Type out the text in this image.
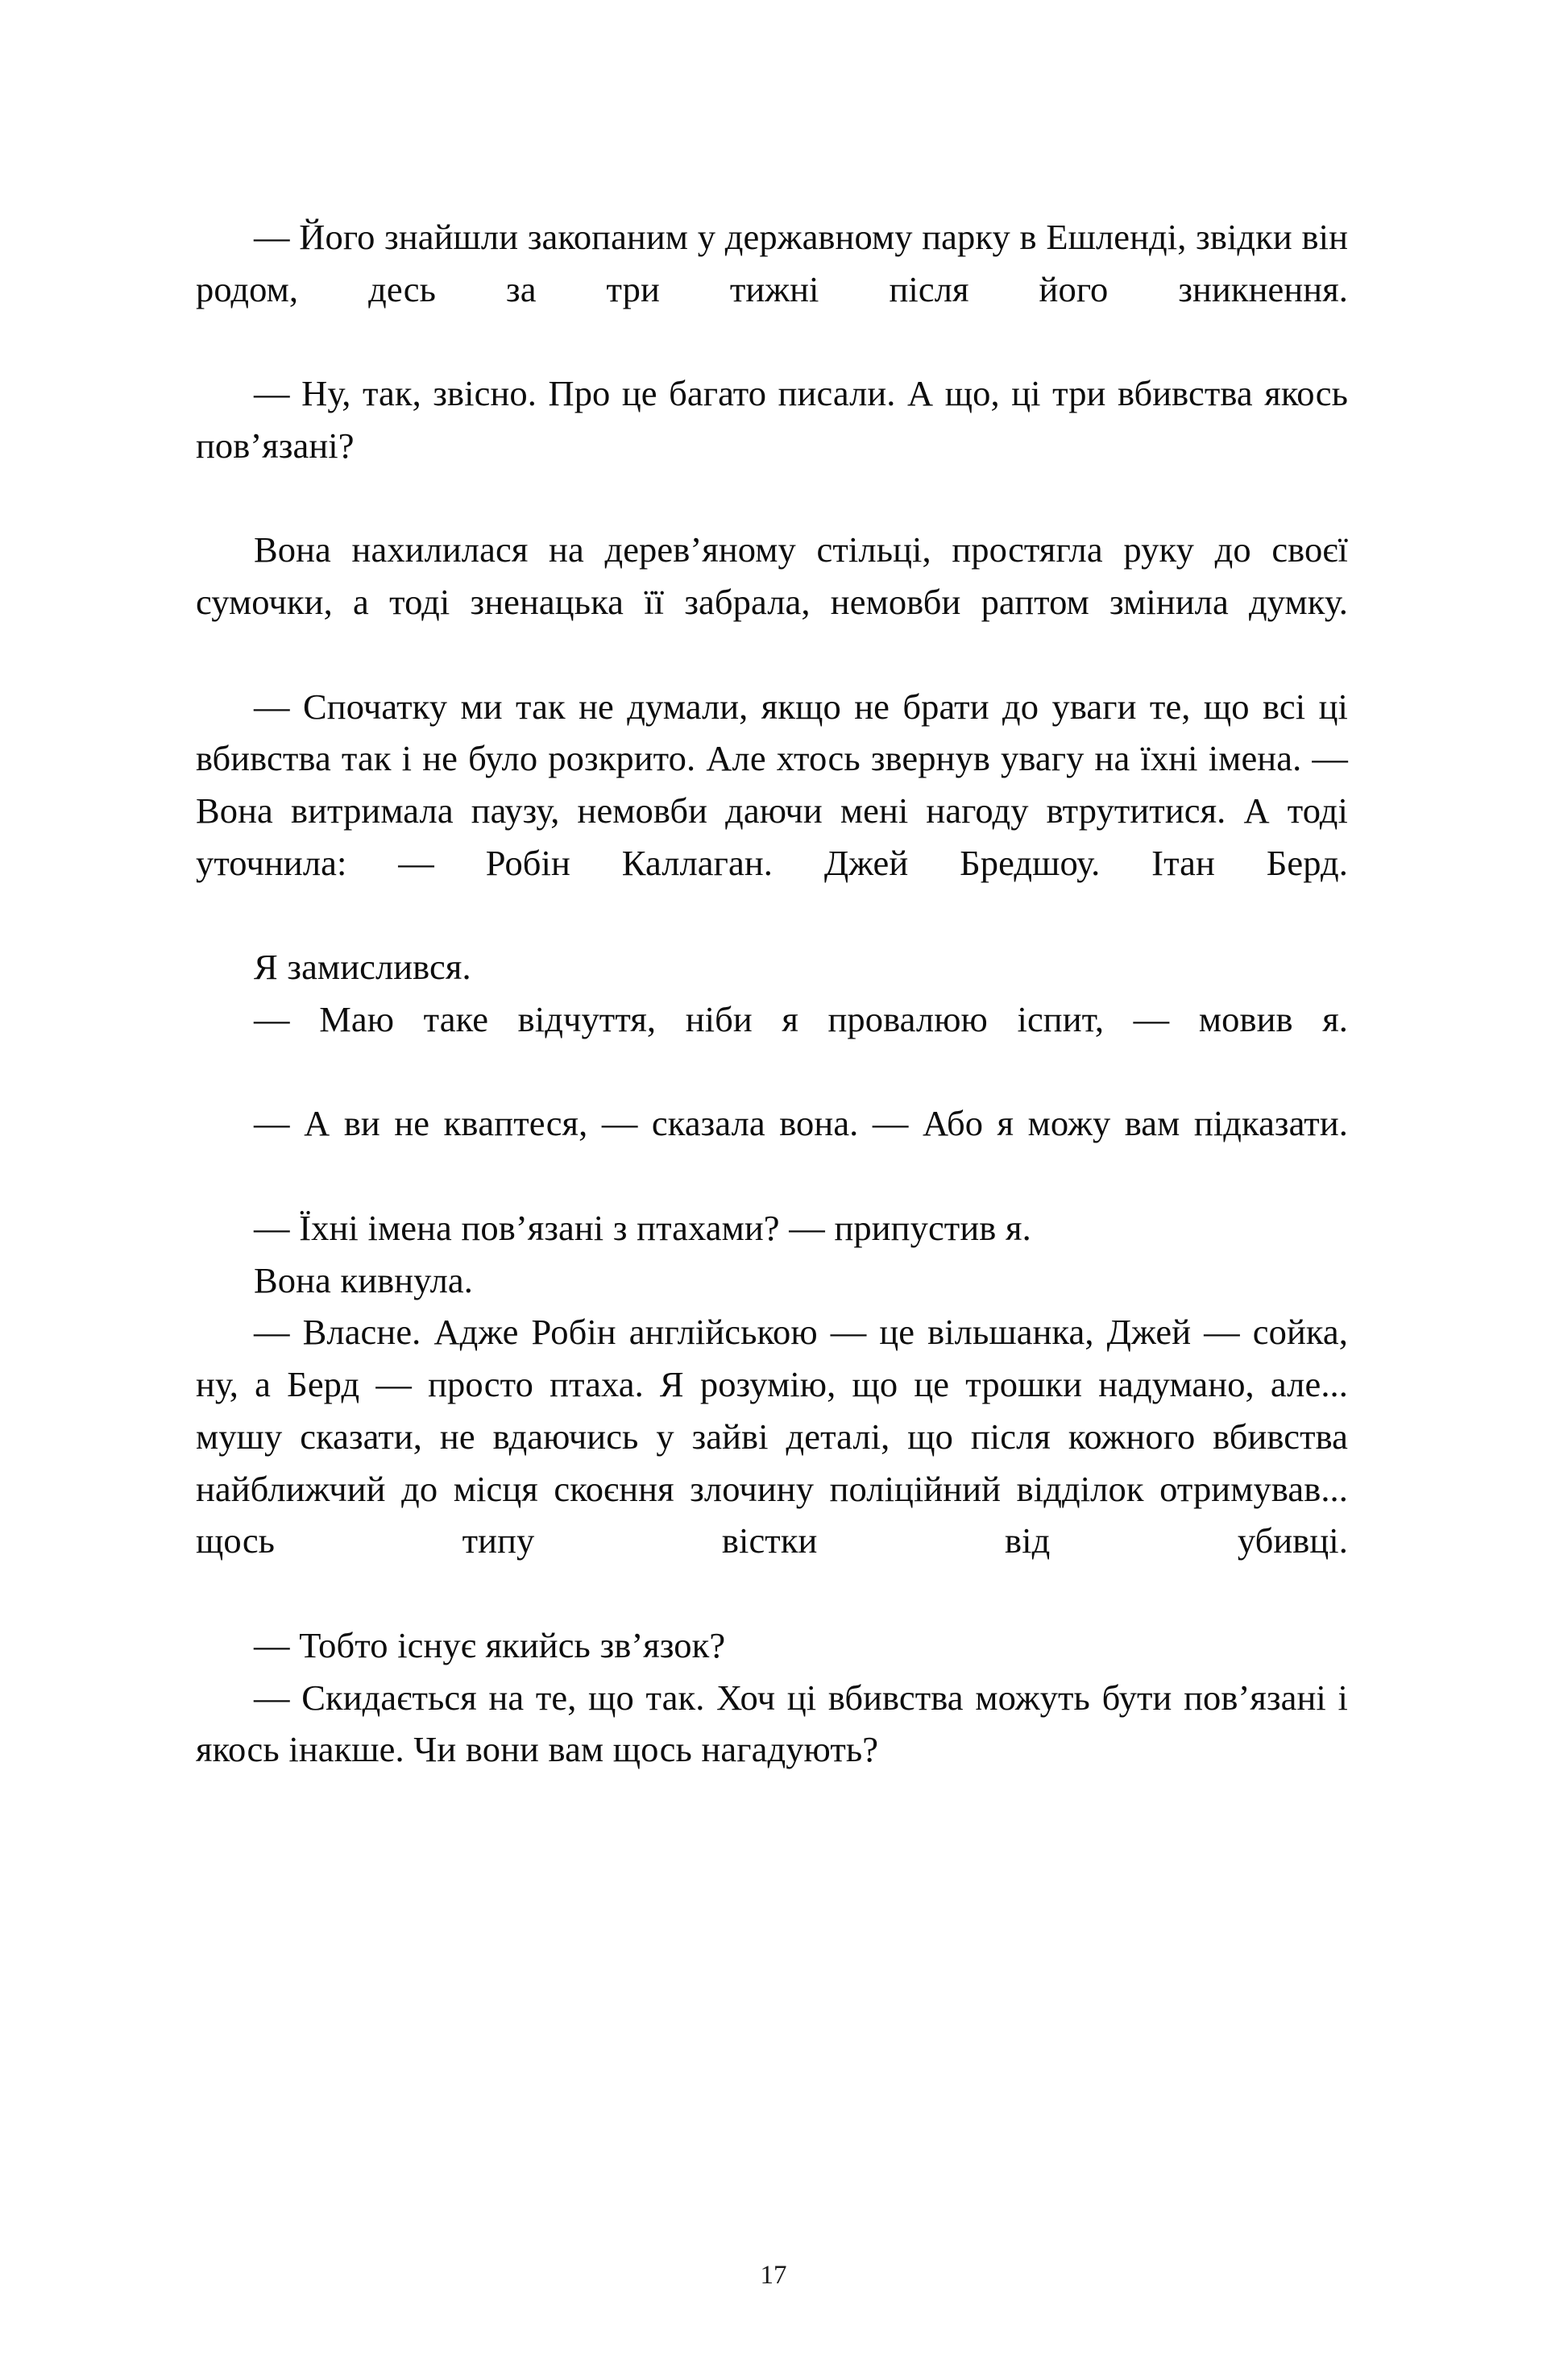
— Його знайшли закопаним у державному парку в Ешленді, звідки він родом, десь за три тижні після його зникнення.

— Ну, так, звісно. Про це багато писали. А що, ці три вбивства якось пов’язані?

Вона нахилилася на дерев’яному стільці, простягла руку до своєї сумочки, а тоді зненацька її забрала, немовби раптом змінила думку.

— Спочатку ми так не думали, якщо не брати до уваги те, що всі ці вбивства так і не було розкрито. Але хтось звернув увагу на їхні імена. — Вона витримала паузу, немовби даючи мені нагоду втрутитися. А тоді уточнила: — Робін Каллаган. Джей Бредшоу. Ітан Берд.

Я замислився.

— Маю таке відчуття, ніби я провалюю іспит, — мовив я.

— А ви не квaптеся, — сказала вона. — Або я можу вам підказати.

— Їхні імена пов’язані з птахами? — припустив я.

Вона кивнула.

— Власне. Адже Робін англійською — це вільшанка, Джей — сойка, ну, а Берд — просто птаха. Я розумію, що це трошки надумано, але... мушу сказати, не вдаючись у зайві деталі, що після кожного вбивства найближчий до місця скоєння злочину поліційний відділок отримував... щось типу вістки від убивці.

— Тобто існує якийсь зв’язок?

— Скидається на те, що так. Хоч ці вбивства можуть бути пов’язані і якось інакше. Чи вони вам щось нагадують?

17
